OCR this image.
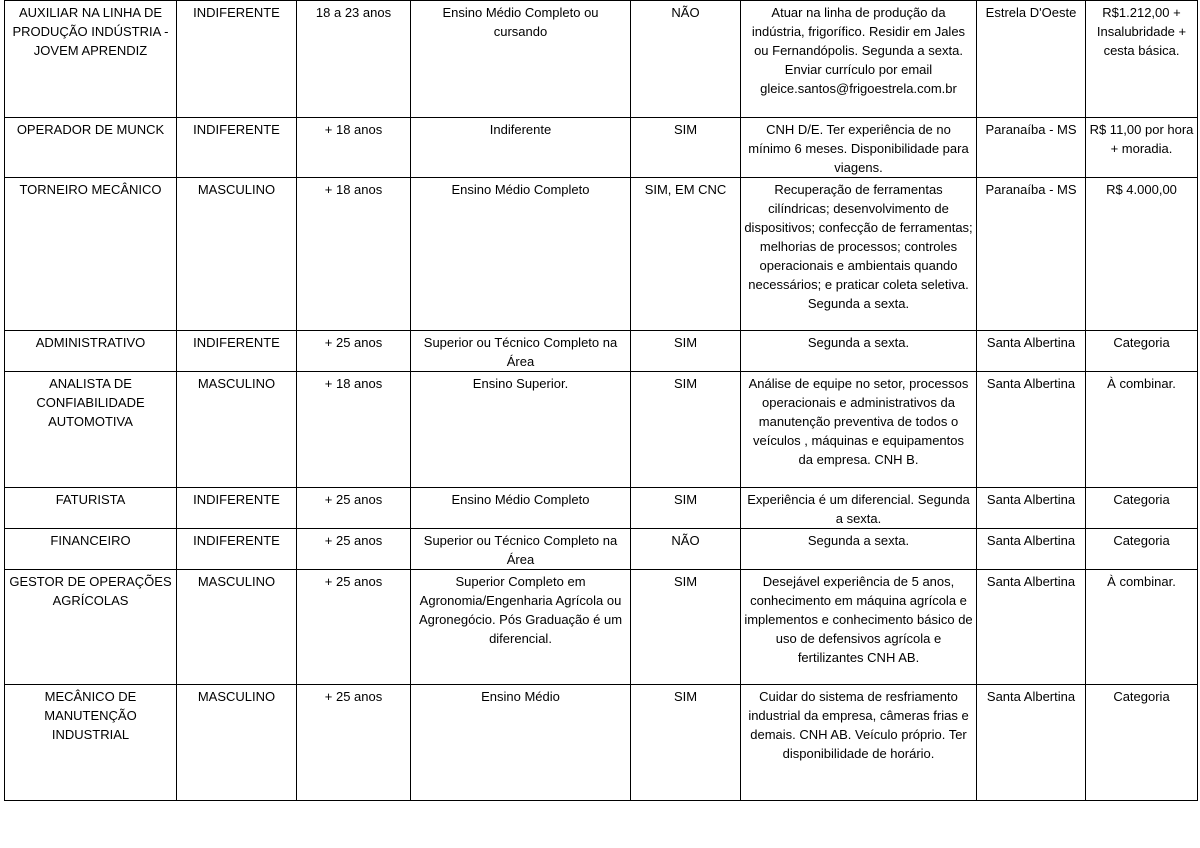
AUXILIAR NA LINHA DE PRODUÇÃO INDÚSTRIA - JOVEM APRENDIZ	INDIFERENTE	18 a 23 anos	Ensino Médio Completo ou cursando	NÃO	Atuar na linha de produção da indústria, frigorífico. Residir em Jales ou Fernandópolis. Segunda a sexta. Enviar currículo por email gleice.santos@frigoestrela.com.br	Estrela D'Oeste	R$1.212,00 + Insalubridade + cesta básica.
OPERADOR DE MUNCK	INDIFERENTE	+ 18 anos	Indiferente	SIM	CNH D/E. Ter experiência de no mínimo 6 meses. Disponibilidade para viagens.	Paranaíba - MS	R$ 11,00 por hora + moradia.
TORNEIRO MECÂNICO	MASCULINO	+ 18 anos	Ensino Médio Completo	SIM, EM CNC	Recuperação de ferramentas cilíndricas; desenvolvimento de dispositivos; confecção de ferramentas; melhorias de processos; controles operacionais e ambientais quando necessários; e praticar coleta seletiva. Segunda a sexta.	Paranaíba - MS	R$ 4.000,00
ADMINISTRATIVO	INDIFERENTE	+ 25 anos	Superior ou Técnico Completo na Área	SIM	Segunda a sexta.	Santa Albertina	Categoria
ANALISTA DE CONFIABILIDADE AUTOMOTIVA	MASCULINO	+ 18 anos	Ensino Superior.	SIM	Análise de equipe no setor, processos operacionais e administrativos da manutenção preventiva de todos o veículos , máquinas e equipamentos da empresa. CNH B.	Santa Albertina	À combinar.
FATURISTA	INDIFERENTE	+ 25 anos	Ensino Médio Completo	SIM	Experiência é um diferencial. Segunda a sexta.	Santa Albertina	Categoria
FINANCEIRO	INDIFERENTE	+ 25 anos	Superior ou Técnico Completo na Área	NÃO	Segunda a sexta.	Santa Albertina	Categoria
GESTOR DE OPERAÇÕES AGRÍCOLAS	MASCULINO	+ 25 anos	Superior Completo em Agronomia/Engenharia Agrícola ou Agronegócio. Pós Graduação é um diferencial.	SIM	Desejável experiência de 5 anos, conhecimento em máquina agrícola e implementos e conhecimento básico de uso de defensivos agrícola e fertilizantes CNH AB.	Santa Albertina	À combinar.
MECÂNICO DE MANUTENÇÃO INDUSTRIAL	MASCULINO	+ 25 anos	Ensino Médio	SIM	Cuidar do sistema de resfriamento industrial da empresa, câmeras frias e demais. CNH AB. Veículo próprio. Ter disponibilidade de horário.	Santa Albertina	Categoria
